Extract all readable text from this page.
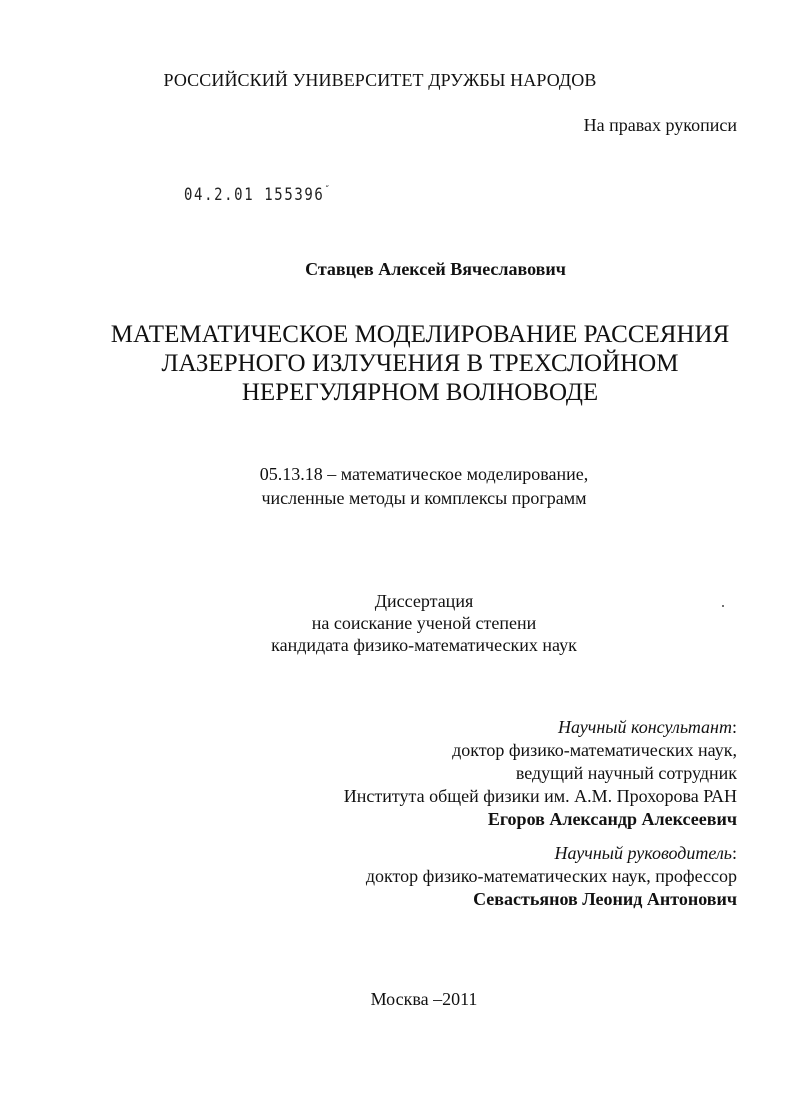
РОССИЙСКИЙ УНИВЕРСИТЕТ ДРУЖБЫ НАРОДОВ
На правах рукописи
04.2.01 155396˝
Ставцев Алексей Вячеславович
МАТЕМАТИЧЕСКОЕ МОДЕЛИРОВАНИЕ РАССЕЯНИЯ
ЛАЗЕРНОГО ИЗЛУЧЕНИЯ В ТРЕХСЛОЙНОМ
НЕРЕГУЛЯРНОМ ВОЛНОВОДЕ
05.13.18 – математическое моделирование,
численные методы и комплексы программ
Диссертация
на соискание ученой степени
кандидата физико-математических наук
Научный консультант:
доктор физико-математических наук,
ведущий научный сотрудник
Института общей физики им. А.М. Прохорова РАН
Егоров Александр Алексеевич
Научный руководитель:
доктор физико-математических наук, профессор
Севастьянов Леонид Антонович
Москва –2011
